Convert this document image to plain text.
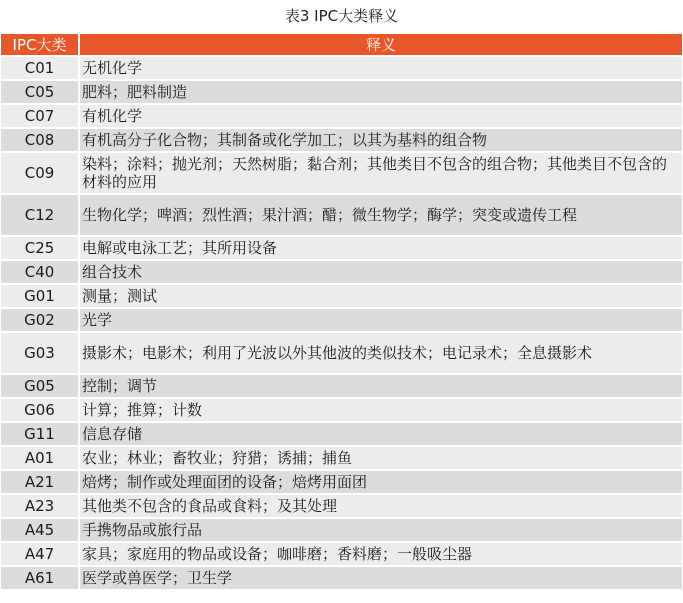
表3 IPC大类释义
IPC大类	释义
C01	无机化学
C05	肥料；肥料制造
C07	有机化学
C08	有机高分子化合物；其制备或化学加工；以其为基料的组合物
C09	染料；涂料；抛光剂；天然树脂；黏合剂；其他类目不包含的组合物；其他类目不包含的材料的应用
C12	生物化学；啤酒；烈性酒；果汁酒；醋；微生物学；酶学；突变或遗传工程
C25	电解或电泳工艺；其所用设备
C40	组合技术
G01	测量；测试
G02	光学
G03	摄影术；电影术；利用了光波以外其他波的类似技术；电记录术；全息摄影术
G05	控制；调节
G06	计算；推算；计数
G11	信息存储
A01	农业；林业；畜牧业；狩猎；诱捕；捕鱼
A21	焙烤；制作或处理面团的设备；焙烤用面团
A23	其他类不包含的食品或食料；及其处理
A45	手携物品或旅行品
A47	家具；家庭用的物品或设备；咖啡磨；香料磨；一般吸尘器
A61	医学或兽医学；卫生学
